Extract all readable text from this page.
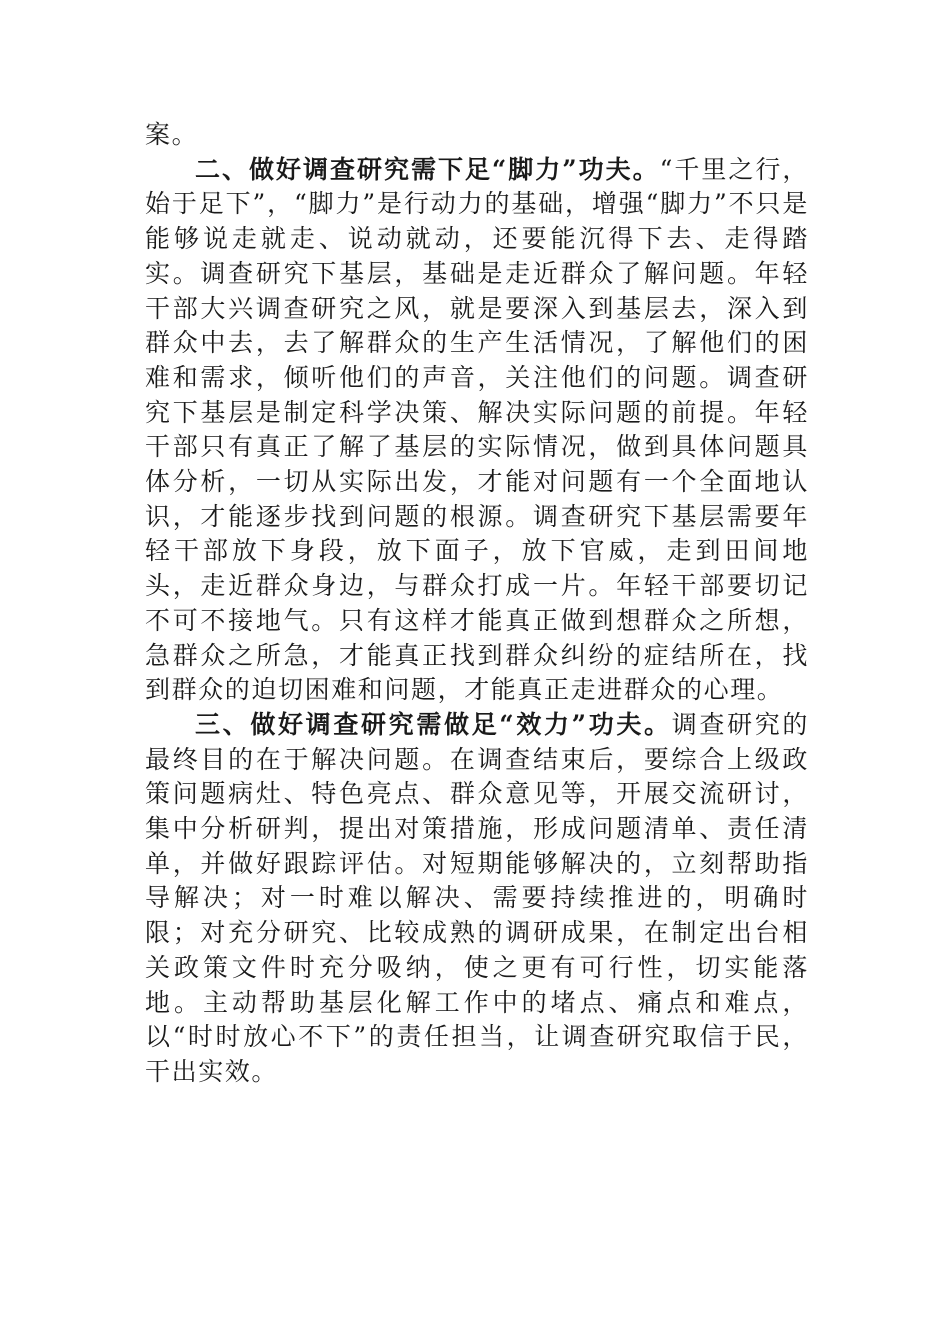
案。

二、做好调查研究需下足“脚力”功夫。“千里之行，始于足下”，“脚力”是行动力的基础，增强“脚力”不只是能够说走就走、说动就动，还要能沉得下去、走得踏实。调查研究下基层，基础是走近群众了解问题。年轻干部大兴调查研究之风，就是要深入到基层去，深入到群众中去，去了解群众的生产生活情况，了解他们的困难和需求，倾听他们的声音，关注他们的问题。调查研究下基层是制定科学决策、解决实际问题的前提。年轻干部只有真正了解了基层的实际情况，做到具体问题具体分析，一切从实际出发，才能对问题有一个全面地认识，才能逐步找到问题的根源。调查研究下基层需要年轻干部放下身段，放下面子，放下官威，走到田间地头，走近群众身边，与群众打成一片。年轻干部要切记不可不接地气。只有这样才能真正做到想群众之所想，急群众之所急，才能真正找到群众纠纷的症结所在，找到群众的迫切困难和问题，才能真正走进群众的心理。

三、做好调查研究需做足“效力”功夫。调查研究的最终目的在于解决问题。在调查结束后，要综合上级政策问题病灶、特色亮点、群众意见等，开展交流研讨，集中分析研判，提出对策措施，形成问题清单、责任清单，并做好跟踪评估。对短期能够解决的，立刻帮助指导解决；对一时难以解决、需要持续推进的，明确时限；对充分研究、比较成熟的调研成果，在制定出台相关政策文件时充分吸纳，使之更有可行性，切实能落地。主动帮助基层化解工作中的堵点、痛点和难点，以“时时放心不下”的责任担当，让调查研究取信于民，干出实效。
